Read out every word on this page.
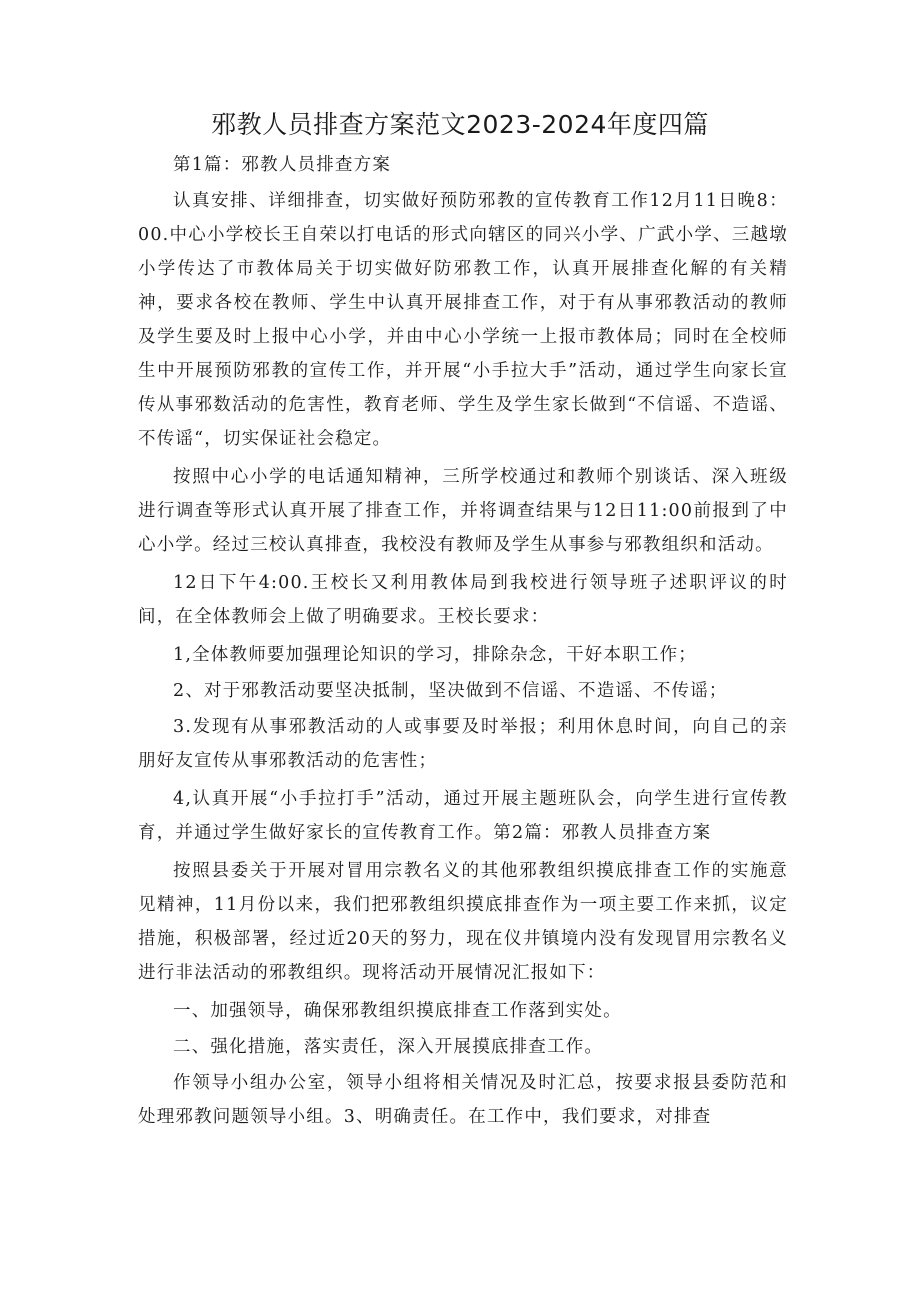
邪教人员排查方案范文2023-2024年度四篇

第1篇：邪教人员排查方案

认真安排、详细排查，切实做好预防邪教的宣传教育工作12月11日晚8：00.中心小学校长王自荣以打电话的形式向辖区的同兴小学、广武小学、三越墩小学传达了市教体局关于切实做好防邪教工作，认真开展排查化解的有关精神，要求各校在教师、学生中认真开展排查工作，对于有从事邪教活动的教师及学生要及时上报中心小学，并由中心小学统一上报市教体局；同时在全校师生中开展预防邪教的宣传工作，并开展“小手拉大手”活动，通过学生向家长宣传从事邪数活动的危害性，教育老师、学生及学生家长做到“不信谣、不造谣、不传谣“，切实保证社会稳定。

按照中心小学的电话通知精神，三所学校通过和教师个别谈话、深入班级进行调查等形式认真开展了排查工作，并将调查结果与12日11:00前报到了中心小学。经过三校认真排查，我校没有教师及学生从事参与邪教组织和活动。

12日下午4:00.王校长又利用教体局到我校进行领导班子述职评议的时间，在全体教师会上做了明确要求。王校长要求：

1,全体教师要加强理论知识的学习，排除杂念，干好本职工作；

2、对于邪教活动要坚决抵制，坚决做到不信谣、不造谣、不传谣；

3.发现有从事邪教活动的人或事要及时举报；利用休息时间，向自己的亲朋好友宣传从事邪教活动的危害性；

4,认真开展“小手拉打手”活动，通过开展主题班队会，向学生进行宣传教育，并通过学生做好家长的宣传教育工作。第2篇：邪教人员排查方案

按照县委关于开展对冒用宗教名义的其他邪教组织摸底排查工作的实施意见精神，11月份以来，我们把邪教组织摸底排查作为一项主要工作来抓，议定措施，积极部署，经过近20天的努力，现在仪井镇境内没有发现冒用宗教名义进行非法活动的邪教组织。现将活动开展情况汇报如下：

一、加强领导，确保邪教组织摸底排查工作落到实处。

二、强化措施，落实责任，深入开展摸底排查工作。

作领导小组办公室，领导小组将相关情况及时汇总，按要求报县委防范和处理邪教问题领导小组。3、明确责任。在工作中，我们要求，对排查
